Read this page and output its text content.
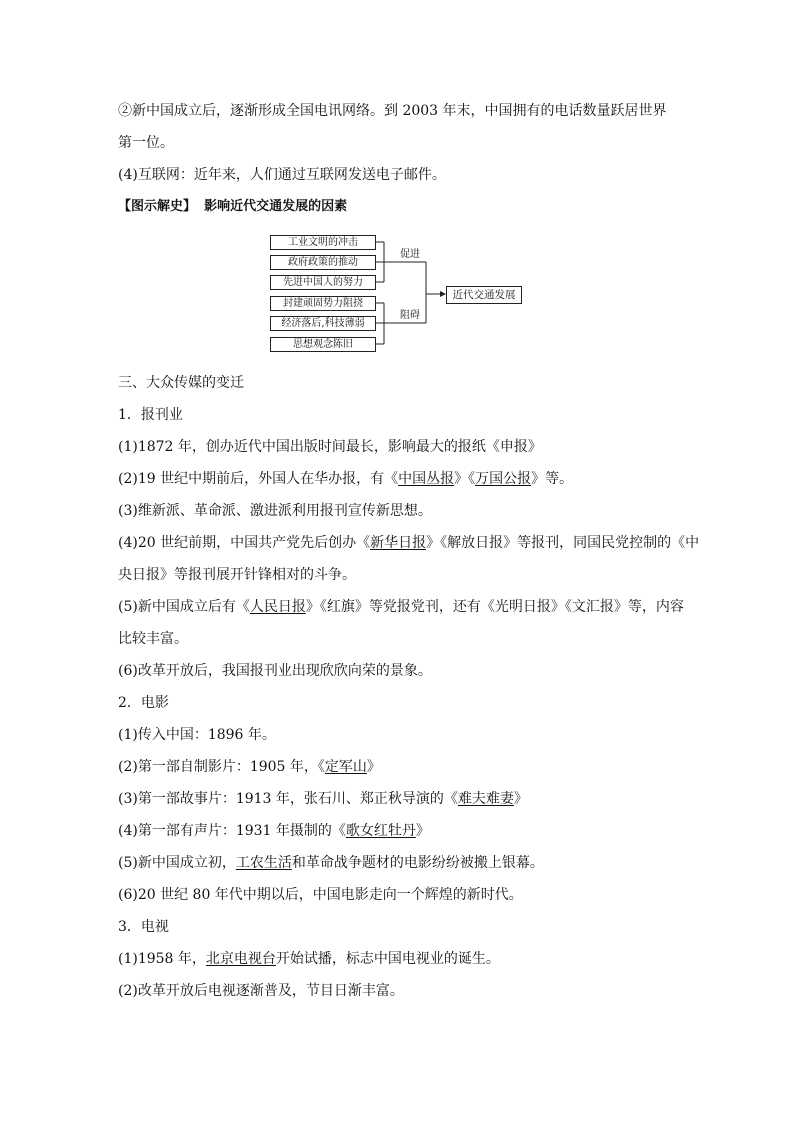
②新中国成立后，逐渐形成全国电讯网络。到 2003 年末，中国拥有的电话数量跃居世界
第一位。
(4)互联网：近年来，人们通过互联网发送电子邮件。
【图示解史】 影响近代交通发展的因素
工业文明的冲击
政府政策的推动
先进中国人的努力
封建顽固势力阻挠
经济落后,科技薄弱
思想观念陈旧
促进
阻碍
近代交通发展
三、大众传媒的变迁
1．报刊业
(1)1872 年，创办近代中国出版时间最长，影响最大的报纸《申报》
(2)19 世纪中期前后，外国人在华办报，有《中国丛报》《万国公报》等。
(3)维新派、革命派、激进派利用报刊宣传新思想。
(4)20 世纪前期，中国共产党先后创办《新华日报》《解放日报》等报刊，同国民党控制的《中
央日报》等报刊展开针锋相对的斗争。
(5)新中国成立后有《人民日报》《红旗》等党报党刊，还有《光明日报》《文汇报》等，内容
比较丰富。
(6)改革开放后，我国报刊业出现欣欣向荣的景象。
2．电影
(1)传入中国：1896 年。
(2)第一部自制影片：1905 年，《定军山》
(3)第一部故事片：1913 年，张石川、郑正秋导演的《难夫难妻》
(4)第一部有声片：1931 年摄制的《歌女红牡丹》
(5)新中国成立初，工农生活和革命战争题材的电影纷纷被搬上银幕。
(6)20 世纪 80 年代中期以后，中国电影走向一个辉煌的新时代。
3．电视
(1)1958 年，北京电视台开始试播，标志中国电视业的诞生。
(2)改革开放后电视逐渐普及，节目日渐丰富。
